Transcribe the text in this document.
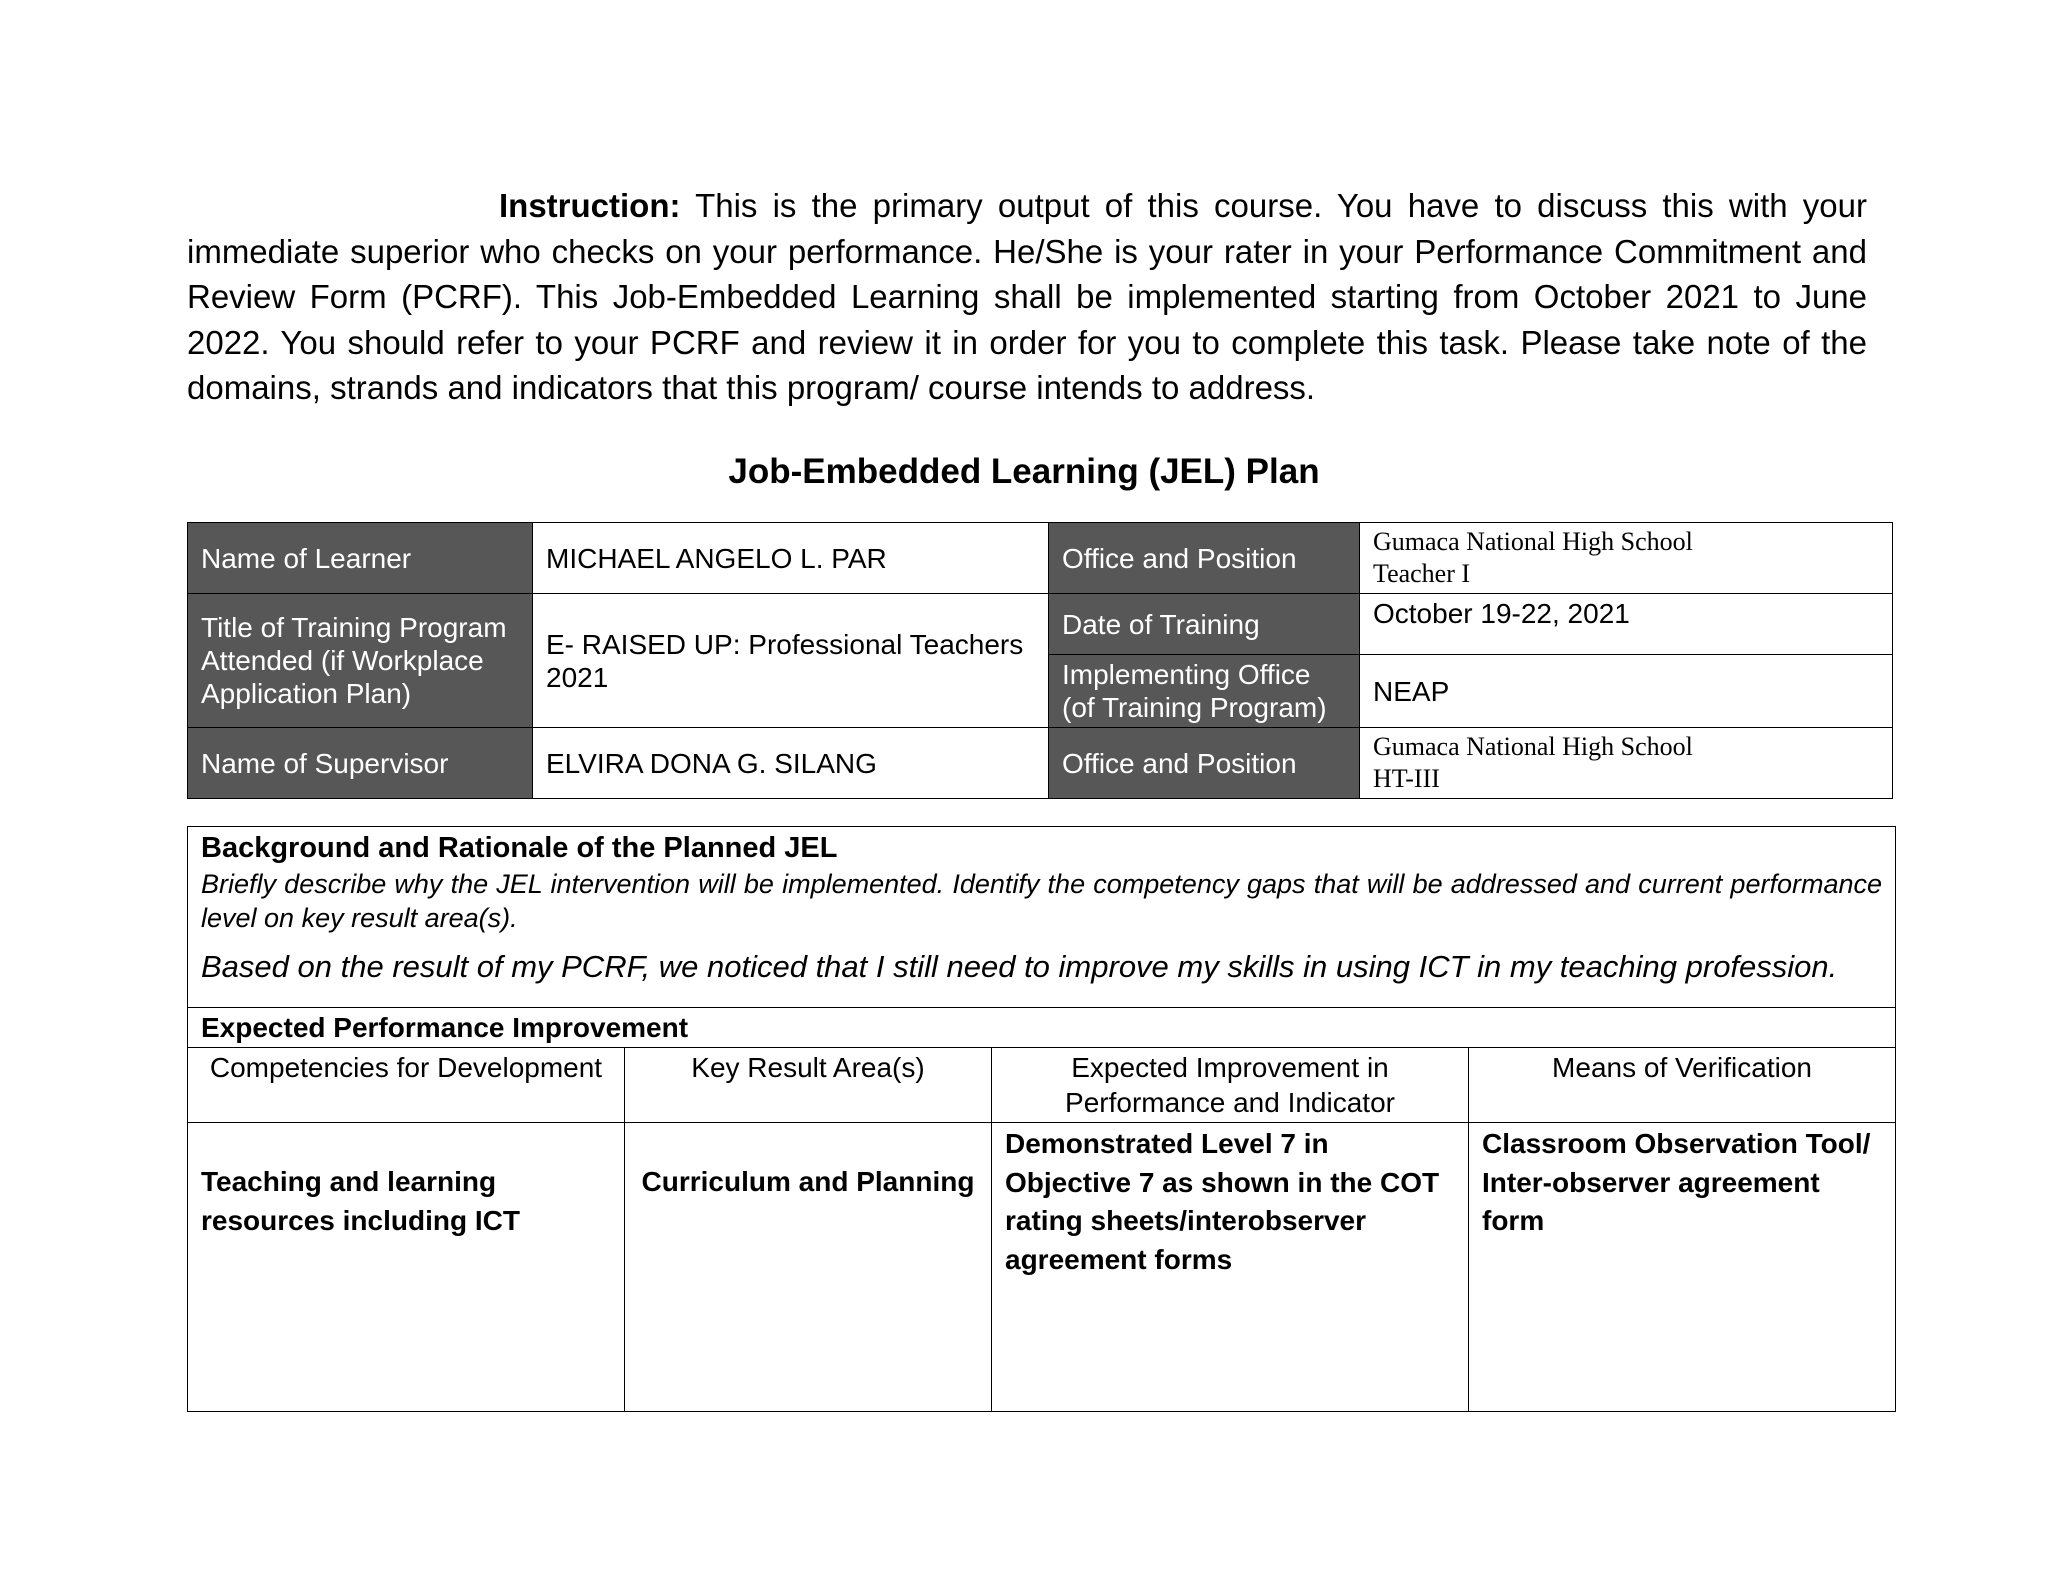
Instruction: This is the primary output of this course. You have to discuss this with your immediate superior who checks on your performance. He/She is your rater in your Performance Commitment and Review Form (PCRF). This Job-Embedded Learning shall be implemented starting from October 2021 to June 2022. You should refer to your PCRF and review it in order for you to complete this task. Please take note of the domains, strands and indicators that this program/ course intends to address.
Job-Embedded Learning (JEL) Plan
Name of Learner	MICHAEL ANGELO L. PAR	Office and Position	Gumaca National High School
Teacher I

Title of Training Program Attended (if Workplace Application Plan)	E- RAISED UP: Professional Teachers 2021	Date of Training	October 19-22, 2021
		Implementing Office (of Training Program)	NEAP
Name of Supervisor	ELVIRA DONA G. SILANG	Office and Position	Gumaca National High School
HT-III
Background and Rationale of the Planned JEL
Briefly describe why the JEL intervention will be implemented. Identify the competency gaps that will be addressed and current performance level on key result area(s).
Based on the result of my PCRF, we noticed that I still need to improve my skills in using ICT in my teaching profession.			

Expected Performance Improvement			
Competencies for Development	Key Result Area(s)	Expected Improvement in Performance and Indicator	Means of Verification
Teaching and learning resources including ICT	Curriculum and Planning	Demonstrated Level 7 in Objective 7 as shown in the COT rating sheets/interobserver agreement forms	Classroom Observation Tool/ Inter-observer agreement form
